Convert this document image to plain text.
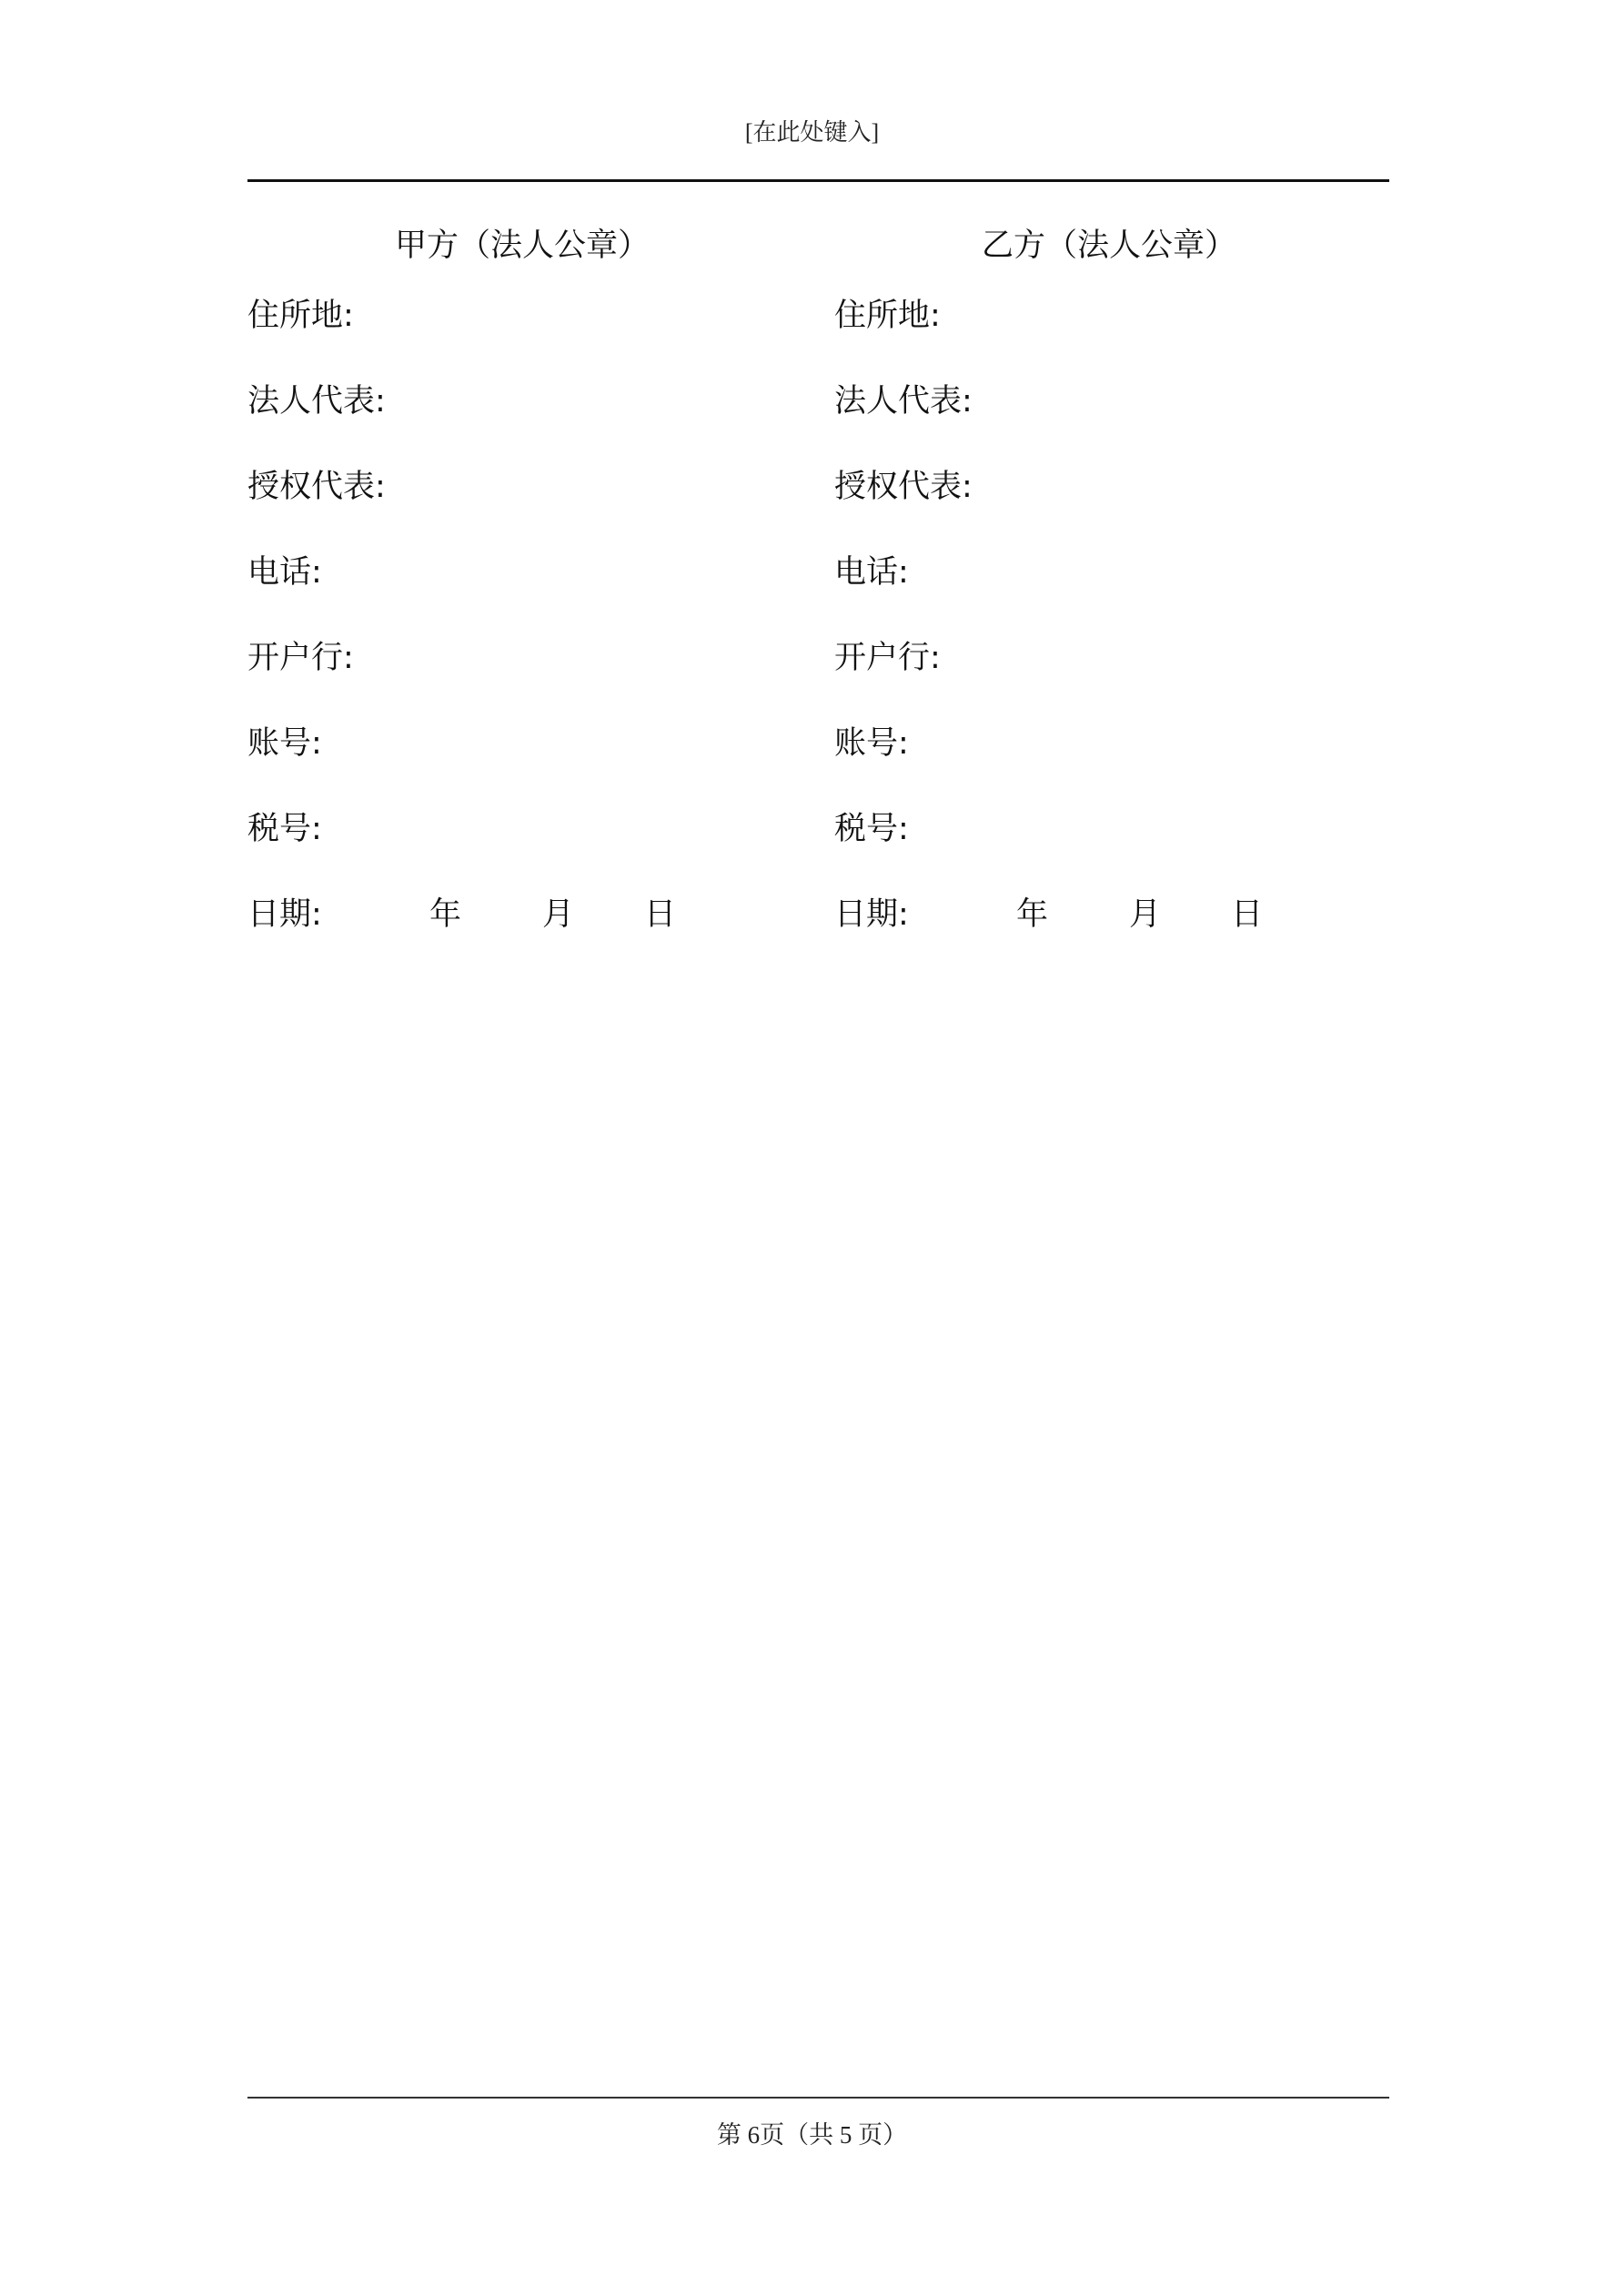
[在此处键入]
甲方（法人公章）
住所地:
法人代表:
授权代表:
电话:
开户行:
账号:
税号:
日期:	年	月 日
乙方（法人公章）
住所地:
法人代表:
授权代表:
电话:
开户行:
账号:
税号:
日期:	年	月 日
第 6页（共 5 页）
